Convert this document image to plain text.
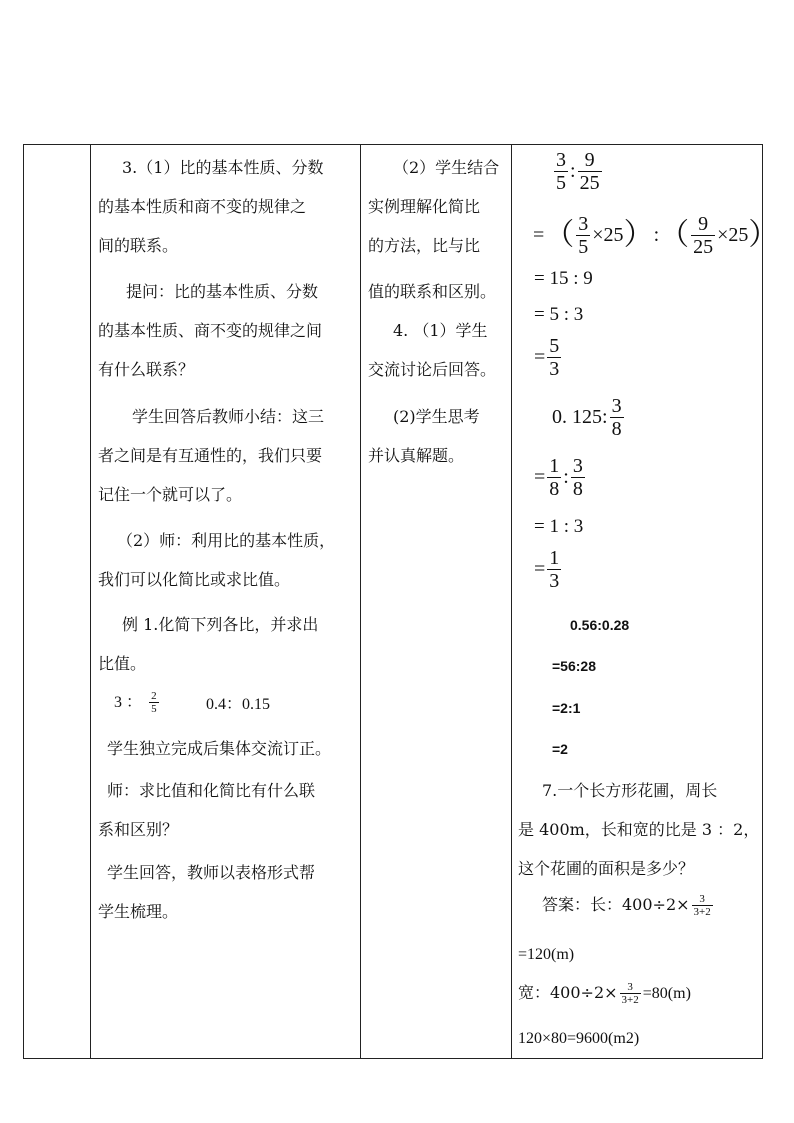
3.（1）比的基本性质、分数
的基本性质和商不变的规律之
间的联系。
提问：比的基本性质、分数
的基本性质、商不变的规律之间
有什么联系？
学生回答后教师小结：这三
者之间是有互通性的，我们只要
记住一个就可以了。
（2）师：利用比的基本性质，
我们可以化简比或求比值。
例 1.化简下列各比，并求出
比值。
3 ： $\frac{2}{5}$	0.4：0.15
学生独立完成后集体交流订正。
师：求比值和化简比有什么联
系和区别？
学生回答，教师以表格形式帮
学生梳理。
（2）学生结合
实例理解化简比
的方法，比与比
值的联系和区别。
4. （1）学生
交流讨论后回答。
(2)学生思考
并认真解题。
$\frac{3}{5}$ : $\frac{9}{25}$
=（ $\frac{3}{5}$ ×25）:（ $\frac{9}{25} \times 25$）
= 15 : 9
= 5 : 3
= $\frac{5}{3}$
0. 125: $\frac{3}{8}$
= $\frac{1}{8}$ : $\frac{3}{8}$
= 1 : 3
= $\frac{1}{3}$
0.56:0.28
=56:28
=2:1
=2
7.一个长方形花圃，周长
是 400m，长和宽的比是 3 ：2，
这个花圃的面积是多少？
答案：长：$400\div 2\times \frac{3}{3+2}$
=120(m)
宽：$400\div 2\times \frac{3}{3+2} =80(m)$
120×80=9600(m2)
